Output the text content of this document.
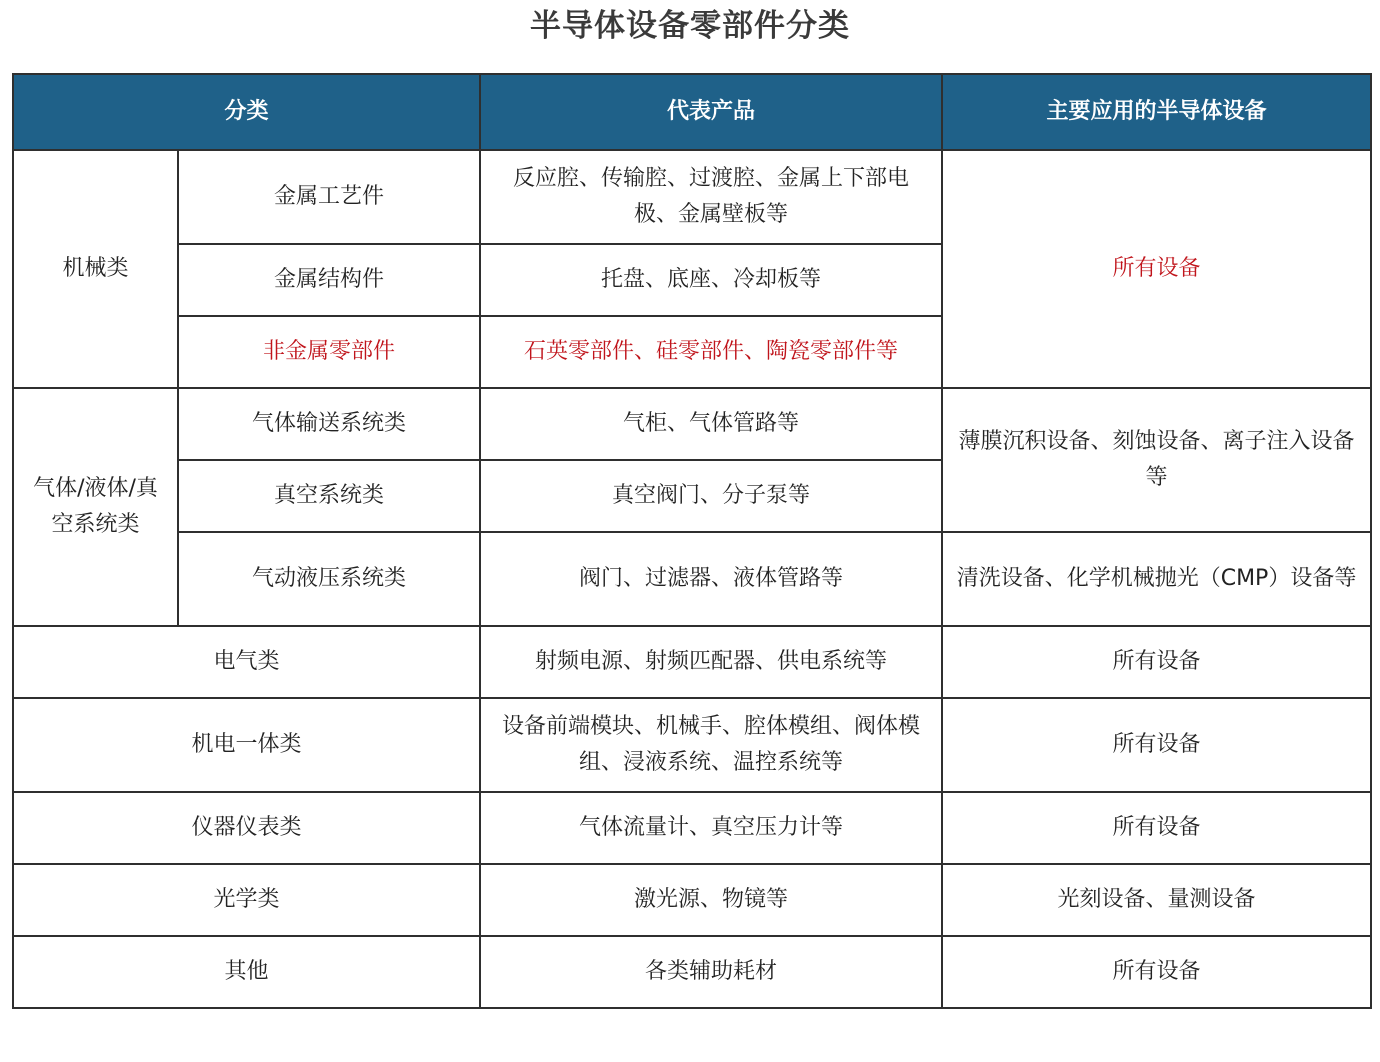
半导体设备零部件分类
分类		代表产品	主要应用的半导体设备
机械类	金属工艺件	反应腔、传输腔、过渡腔、金属上下部电极、金属壁板等	所有设备
	金属结构件	托盘、底座、冷却板等	
	非金属零部件	石英零部件、硅零部件、陶瓷零部件等	
气体/液体/真空系统类	气体输送系统类	气柜、气体管路等	薄膜沉积设备、刻蚀设备、离子注入设备等
	真空系统类	真空阀门、分子泵等	
	气动液压系统类	阀门、过滤器、液体管路等	清洗设备、化学机械抛光（CMP）设备等
电气类		射频电源、射频匹配器、供电系统等	所有设备
机电一体类		设备前端模块、机械手、腔体模组、阀体模组、浸液系统、温控系统等	所有设备
仪器仪表类		气体流量计、真空压力计等	所有设备
光学类		激光源、物镜等	光刻设备、量测设备
其他		各类辅助耗材	所有设备
